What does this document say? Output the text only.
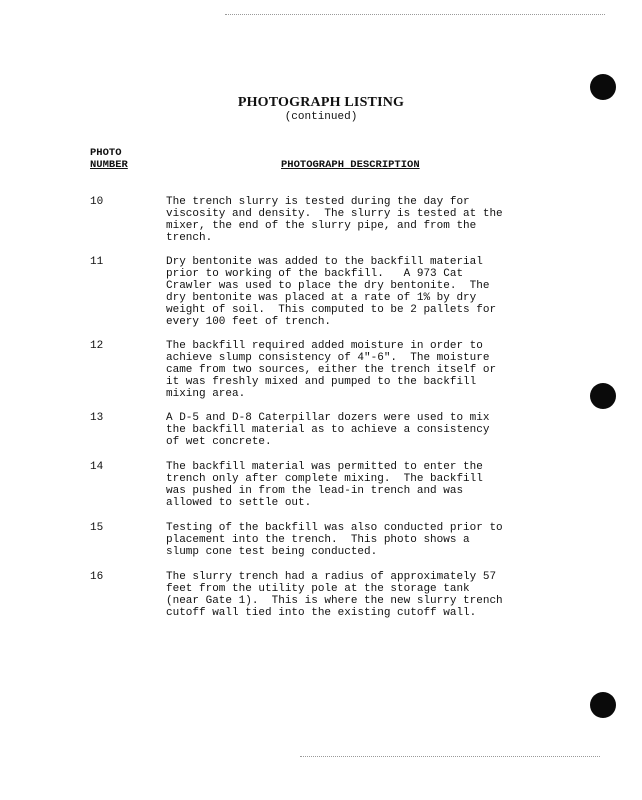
PHOTOGRAPH LISTING
(continued)
PHOTO
NUMBER	PHOTOGRAPH DESCRIPTION
10	The trench slurry is tested during the day for
viscosity and density.  The slurry is tested at the
mixer, the end of the slurry pipe, and from the
trench.
11	Dry bentonite was added to the backfill material
prior to working of the backfill.   A 973 Cat
Crawler was used to place the dry bentonite.  The
dry bentonite was placed at a rate of 1% by dry
weight of soil.  This computed to be 2 pallets for
every 100 feet of trench.
12	The backfill required added moisture in order to
achieve slump consistency of 4"-6".  The moisture
came from two sources, either the trench itself or
it was freshly mixed and pumped to the backfill
mixing area.
13	A D-5 and D-8 Caterpillar dozers were used to mix
the backfill material as to achieve a consistency
of wet concrete.
14	The backfill material was permitted to enter the
trench only after complete mixing.  The backfill
was pushed in from the lead-in trench and was
allowed to settle out.
15	Testing of the backfill was also conducted prior to
placement into the trench.  This photo shows a
slump cone test being conducted.
16	The slurry trench had a radius of approximately 57
feet from the utility pole at the storage tank
(near Gate 1).  This is where the new slurry trench
cutoff wall tied into the existing cutoff wall.
